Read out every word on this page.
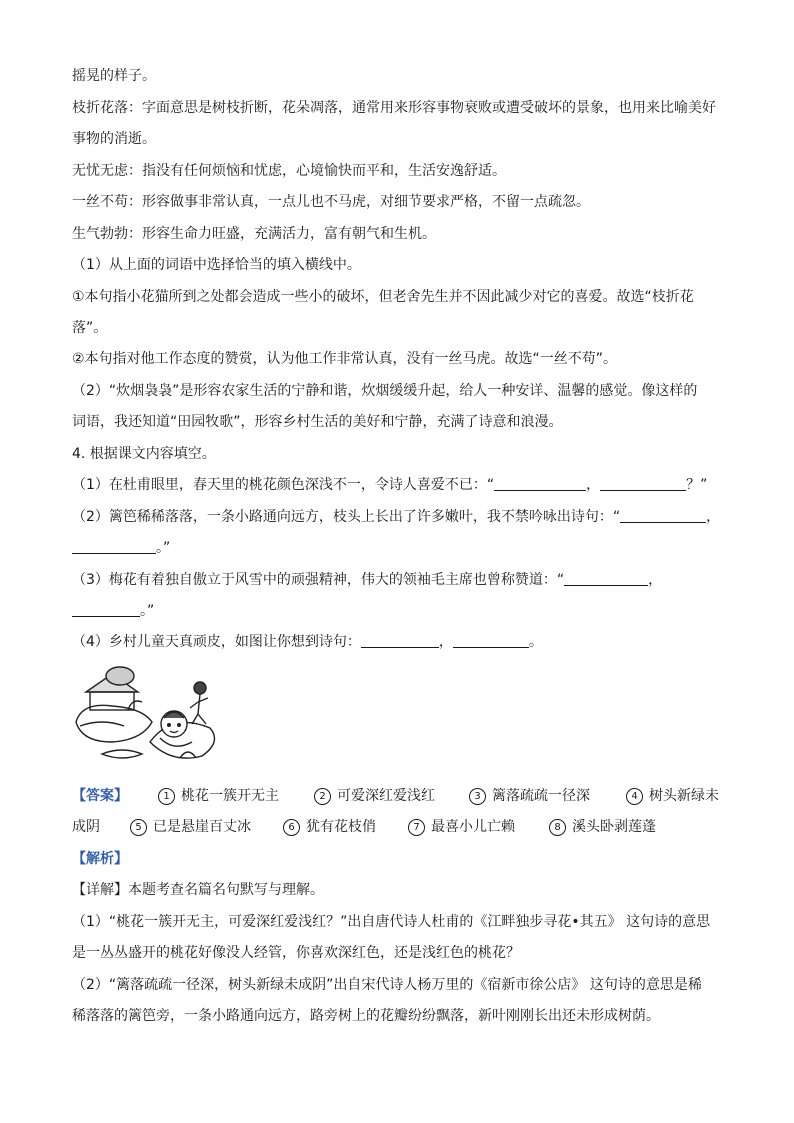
摇晃的样子。
枝折花落：字面意思是树枝折断，花朵凋落，通常用来形容事物衰败或遭受破坏的景象，也用来比喻美好
事物的消逝。
无忧无虑：指没有任何烦恼和忧虑，心境愉快而平和，生活安逸舒适。
一丝不苟：形容做事非常认真，一点儿也不马虎，对细节要求严格，不留一点疏忽。
生气勃勃：形容生命力旺盛，充满活力，富有朝气和生机。
（1）从上面的词语中选择恰当的填入横线中。
①本句指小花猫所到之处都会造成一些小的破坏，但老舍先生并不因此减少对它的喜爱。故选“枝折花
落”。
②本句指对他工作态度的赞赏，认为他工作非常认真，没有一丝马虎。故选“一丝不苟”。
（2）“炊烟袅袅”是形容农家生活的宁静和谐，炊烟缓缓升起，给人一种安详、温馨的感觉。像这样的
词语，我还知道“田园牧歌”，形容乡村生活的美好和宁静，充满了诗意和浪漫。
4. 根据课文内容填空。
（1）在杜甫眼里，春天里的桃花颜色深浅不一，令诗人喜爱不已：“	，	？”
（2）篱笆稀稀落落，一条小路通向远方，枝头上长出了许多嫩叶，我不禁吟咏出诗句：“	，
。”
（3）梅花有着独自傲立于风雪中的顽强精神，伟大的领袖毛主席也曾称赞道：“	，
。”
（4）乡村儿童天真顽皮，如图让你想到诗句：	，	。
【答案】	1 桃花一簇开无主	2 可爱深红爱浅红	3 篱落疏疏一径深	4 树头新绿未
成阴	5 已是悬崖百丈冰	6 犹有花枝俏	7 最喜小儿亡赖	8 溪头卧剥莲蓬
【解析】
【详解】本题考查名篇名句默写与理解。
（1）“桃花一簇开无主，可爱深红爱浅红？”出自唐代诗人杜甫的《江畔独步寻花•其五》 这句诗的意思
是一丛丛盛开的桃花好像没人经管，你喜欢深红色，还是浅红色的桃花？
（2）“篱落疏疏一径深，树头新绿未成阴”出自宋代诗人杨万里的《宿新市徐公店》 这句诗的意思是稀
稀落落的篱笆旁，一条小路通向远方，路旁树上的花瓣纷纷飘落，新叶刚刚长出还未形成树荫。
